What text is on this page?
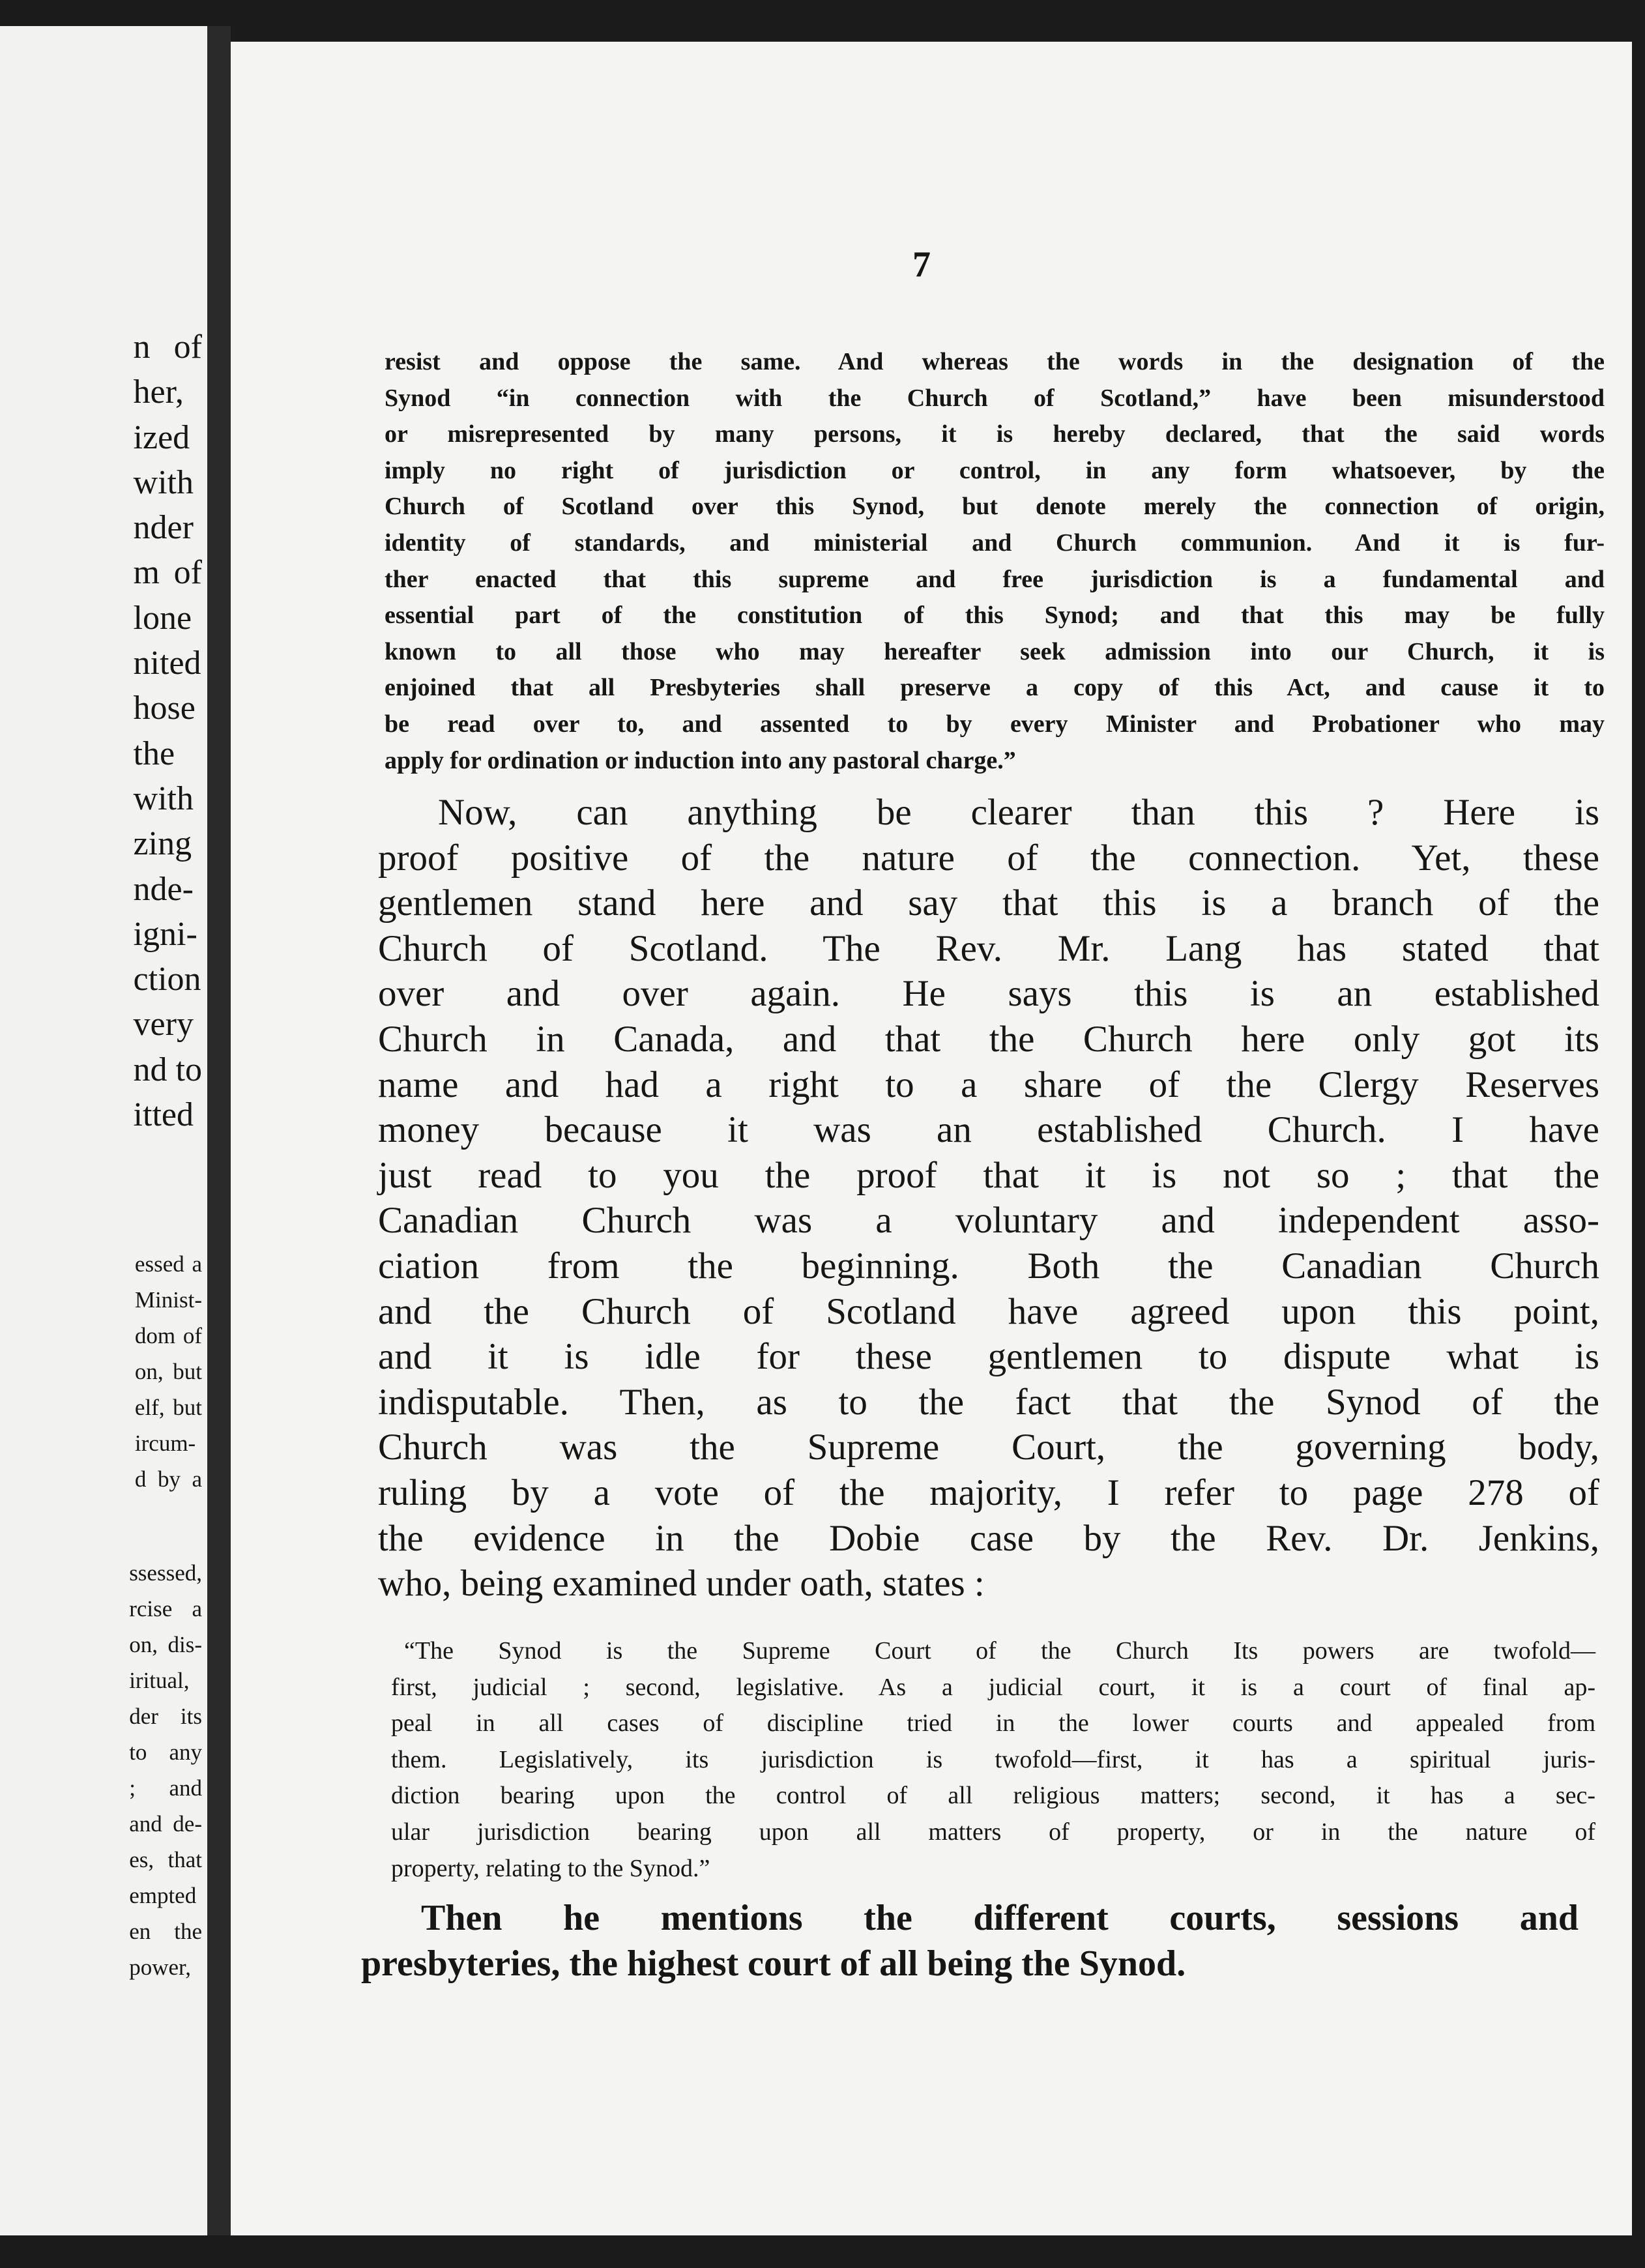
n of
her,
ized
with
nder
m of
lone
nited
hose
the
with
zing
nde-
igni-
ction
very
nd to
itted
essed a
Minist-
dom of
on, but
elf, but
ircum-
d by a
ssessed,
rcise a
on, dis-
iritual,
der its
to any
; and
and de-
es, that
empted
en the
power,
7
resist and oppose the same. And whereas the words in the designation of the
Synod “in connection with the Church of Scotland,” have been misunderstood
or misrepresented by many persons, it is hereby declared, that the said words
imply no right of jurisdiction or control, in any form whatsoever, by the
Church of Scotland over this Synod, but denote merely the connection of origin,
identity of standards, and ministerial and Church communion. And it is fur-
ther enacted that this supreme and free jurisdiction is a fundamental and
essential part of the constitution of this Synod; and that this may be fully
known to all those who may hereafter seek admission into our Church, it is
enjoined that all Presbyteries shall preserve a copy of this Act, and cause it to
be read over to, and assented to by every Minister and Probationer who may
apply for ordination or induction into any pastoral charge.”
Now, can anything be clearer than this ? Here is
proof positive of the nature of the connection. Yet, these
gentlemen stand here and say that this is a branch of the
Church of Scotland. The Rev. Mr. Lang has stated that
over and over again. He says this is an established
Church in Canada, and that the Church here only got its
name and had a right to a share of the Clergy Reserves
money because it was an established Church. I have
just read to you the proof that it is not so ; that the
Canadian Church was a voluntary and independent asso-
ciation from the beginning. Both the Canadian Church
and the Church of Scotland have agreed upon this point,
and it is idle for these gentlemen to dispute what is
indisputable. Then, as to the fact that the Synod of the
Church was the Supreme Court, the governing body,
ruling by a vote of the majority, I refer to page 278 of
the evidence in the Dobie case by the Rev. Dr. Jenkins,
who, being examined under oath, states :
“The Synod is the Supreme Court of the Church Its powers are twofold—
first, judicial ; second, legislative. As a judicial court, it is a court of final ap-
peal in all cases of discipline tried in the lower courts and appealed from
them. Legislatively, its jurisdiction is twofold—first, it has a spiritual juris-
diction bearing upon the control of all religious matters; second, it has a sec-
ular jurisdiction bearing upon all matters of property, or in the nature of
property, relating to the Synod.”
Then he mentions the different courts, sessions and
presbyteries, the highest court of all being the Synod.
